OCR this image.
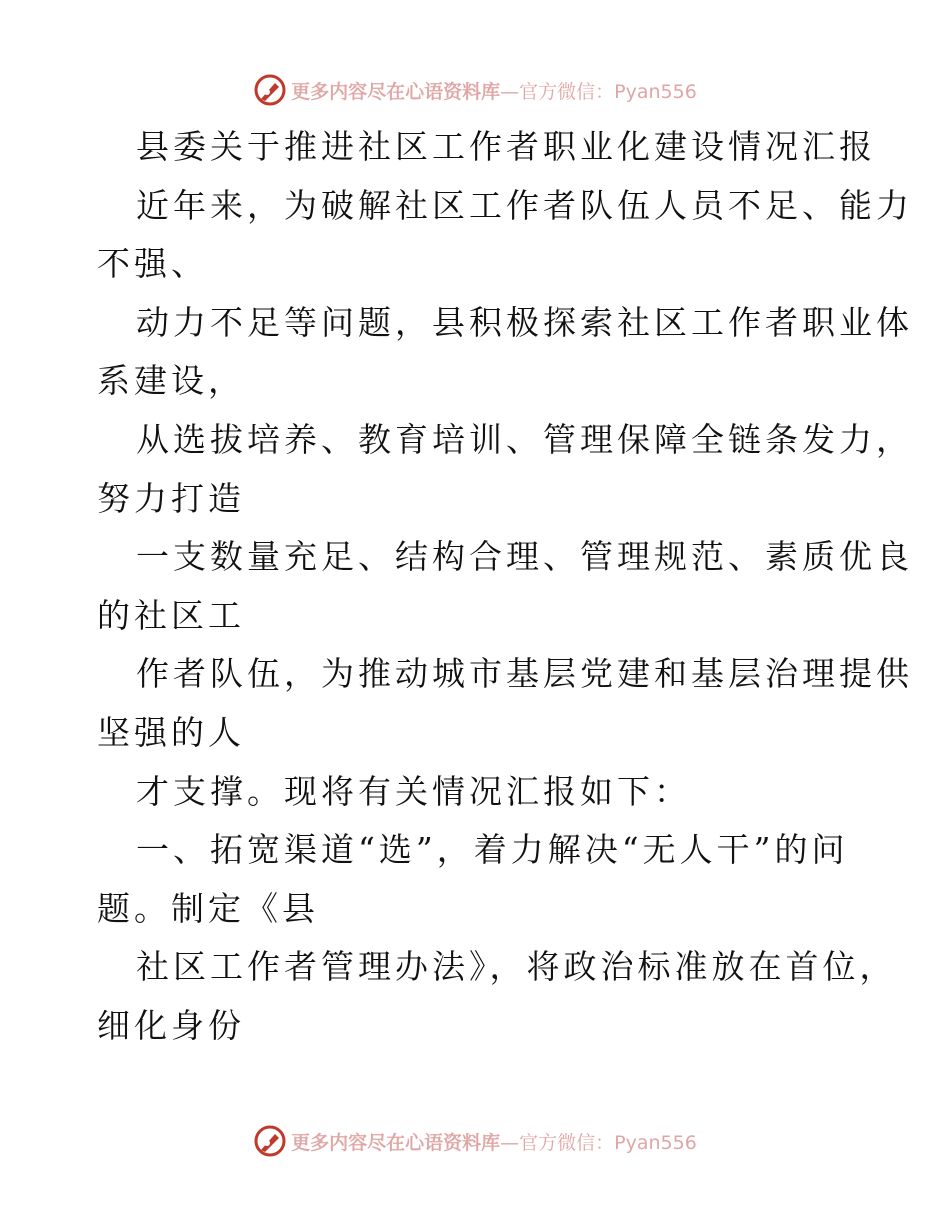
更多内容尽在心语资料库 —官方微信：Pyan556
县委关于推进社区工作者职业化建设情况汇报
近年来，为破解社区工作者队伍人员不足、能力
不强、
动力不足等问题，县积极探索社区工作者职业体
系建设，
从选拔培养、教育培训、管理保障全链条发力，
努力打造
一支数量充足、结构合理、管理规范、素质优良
的社区工
作者队伍，为推动城市基层党建和基层治理提供
坚强的人
才支撑。现将有关情况汇报如下：
一、拓宽渠道“选”，着力解决“无人干”的问
题。制定《县
社区工作者管理办法》，将政治标准放在首位，
细化身份
更多内容尽在心语资料库 —官方微信：Pyan556
